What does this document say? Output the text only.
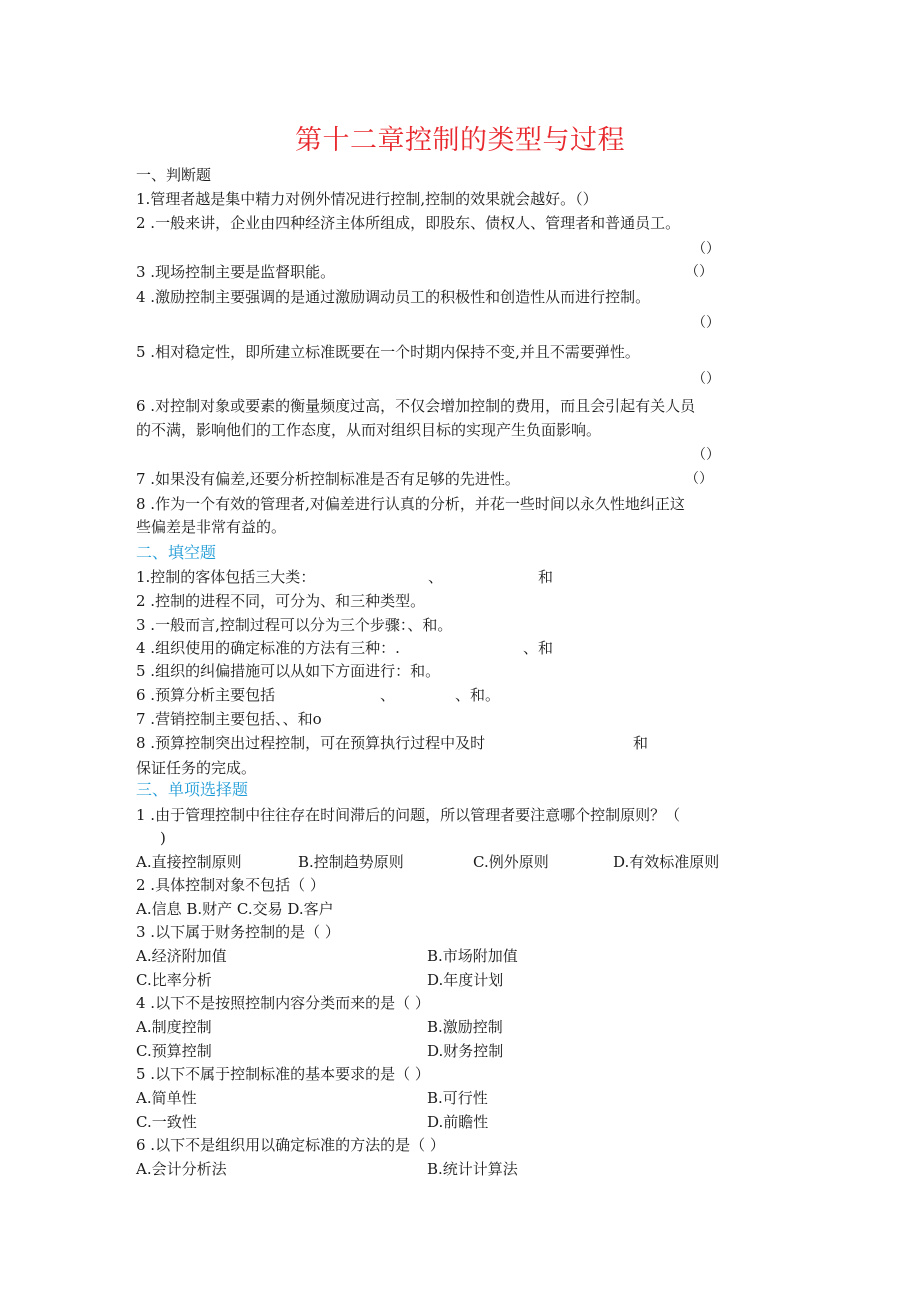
第十二章控制的类型与过程
一、判断题
1.管理者越是集中精力对例外情况进行控制,控制的效果就会越好。（）
2 .一般来讲，企业由四种经济主体所组成，即股东、债权人、管理者和普通员工。
（）
3 .现场控制主要是监督职能。	（）
4 .激励控制主要强调的是通过激励调动员工的积极性和创造性从而进行控制。
（）
5 .相对稳定性，即所建立标准既要在一个时期内保持不变,并且不需要弹性。
（）
6 .对控制对象或要素的衡量频度过高，不仅会增加控制的费用，而且会引起有关人员
的不满，影响他们的工作态度，从而对组织目标的实现产生负面影响。
（）
7 .如果没有偏差,还要分析控制标准是否有足够的先进性。	（）
8 .作为一个有效的管理者,对偏差进行认真的分析，并花一些时间以永久性地纠正这
些偏差是非常有益的。
二、填空题
1.控制的客体包括三大类：	、	和
2 .控制的进程不同，可分为、和三种类型。
3 .一般而言,控制过程可以分为三个步骤：、和。
4 .组织使用的确定标准的方法有三种：.	、和
5 .组织的纠偏措施可以从如下方面进行：和。
6 .预算分析主要包括	、	、和。
7 .营销控制主要包括、、和o
8 .预算控制突出过程控制，可在预算执行过程中及时	和
保证任务的完成。
三、单项选择题
1 .由于管理控制中往往存在时间滞后的问题，所以管理者要注意哪个控制原则？（
)
A.直接控制原则	B.控制趋势原则	C.例外原则	D.有效标准原则
2 .具体控制对象不包括（ ）
A.信息 B.财产 C.交易 D.客户
3 .以下属于财务控制的是（ ）
A.经济附加值	B.市场附加值
C.比率分析	D.年度计划
4 .以下不是按照控制内容分类而来的是（ ）
A.制度控制	B.激励控制
C.预算控制	D.财务控制
5 .以下不属于控制标准的基本要求的是（ ）
A.简单性	B.可行性
C.一致性	D.前瞻性
6 .以下不是组织用以确定标准的方法的是（ ）
A.会计分析法	B.统计计算法
